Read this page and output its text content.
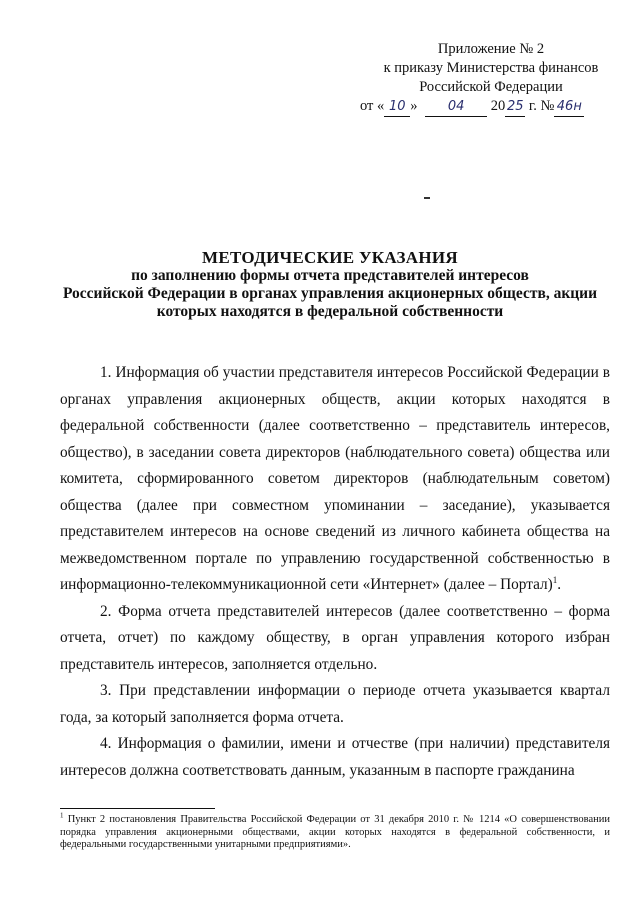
Приложение № 2
к приказу Министерства финансов
Российской Федерации
от « 10 » 04 20 25 г. № 46н
МЕТОДИЧЕСКИЕ УКАЗАНИЯ
по заполнению формы отчета представителей интересов
Российской Федерации в органах управления акционерных обществ, акции
которых находятся в федеральной собственности

1. Информация об участии представителя интересов Российской Федерации в органах управления акционерных обществ, акции которых находятся в федеральной собственности (далее соответственно – представитель интересов, общество), в заседании совета директоров (наблюдательного совета) общества или комитета, сформированного советом директоров (наблюдательным советом) общества (далее при совместном упоминании – заседание), указывается представителем интересов на основе сведений из личного кабинета общества на межведомственном портале по управлению государственной собственностью в информационно-телекоммуникационной сети «Интернет» (далее – Портал)$^1$.

2. Форма отчета представителей интересов (далее соответственно – форма отчета, отчет) по каждому обществу, в орган управления которого избран представитель интересов, заполняется отдельно.

3. При представлении информации о периоде отчета указывается квартал года, за который заполняется форма отчета.

4. Информация о фамилии, имени и отчестве (при наличии) представителя интересов должна соответствовать данным, указанным в паспорте гражданина

$^1$ Пункт 2 постановления Правительства Российской Федерации от 31 декабря 2010 г. № 1214 «О совершенствовании порядка управления акционерными обществами, акции которых находятся в федеральной собственности, и федеральными государственными унитарными предприятиями».
